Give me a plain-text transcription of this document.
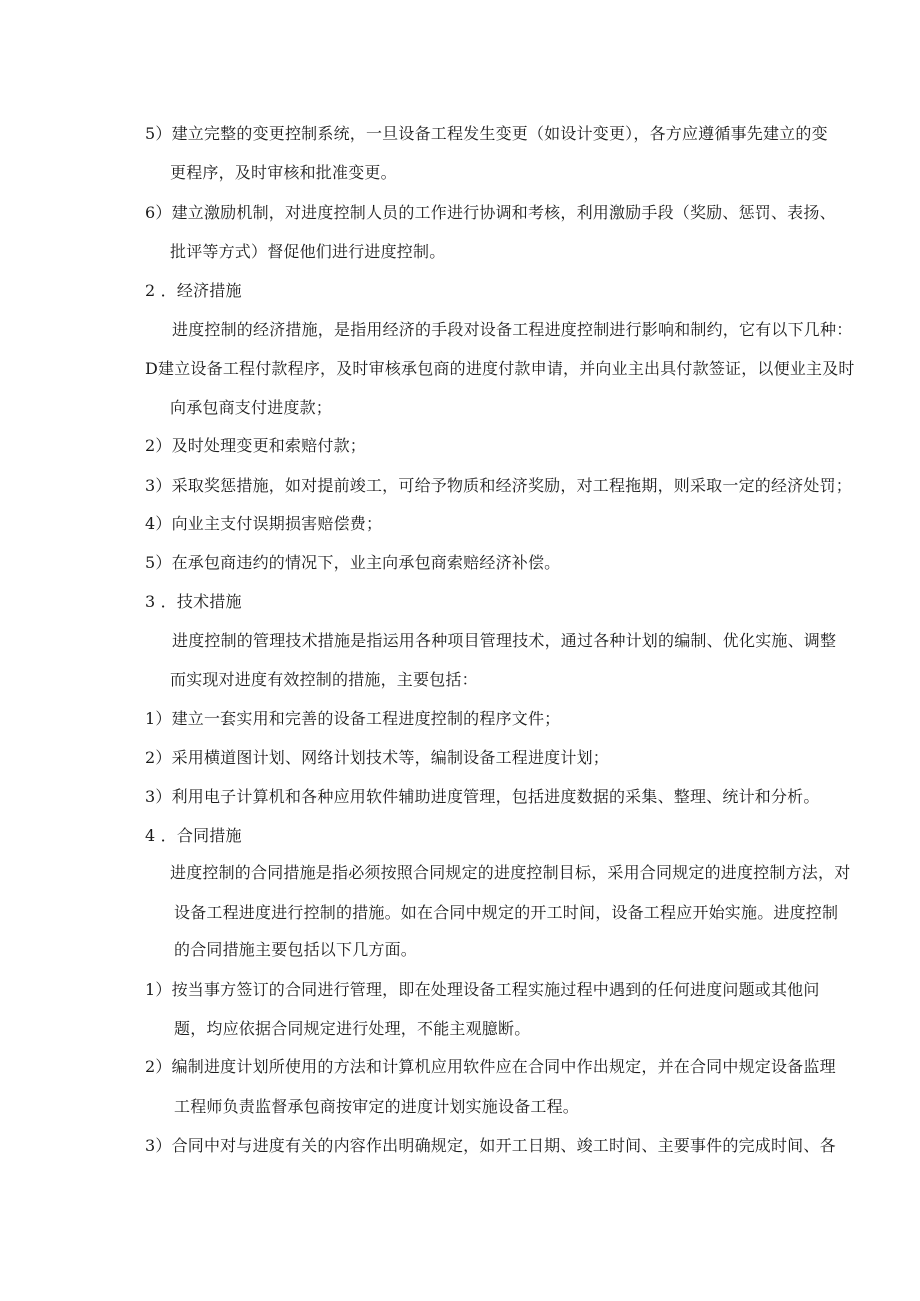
5）建立完整的变更控制系统，一旦设备工程发生变更（如设计变更），各方应遵循事先建立的变
更程序，及时审核和批准变更。
6）建立激励机制，对进度控制人员的工作进行协调和考核，利用激励手段（奖励、惩罚、表扬、
批评等方式）督促他们进行进度控制。
2 ．经济措施
进度控制的经济措施，是指用经济的手段对设备工程进度控制进行影响和制约，它有以下几种：
D建立设备工程付款程序，及时审核承包商的进度付款申请，并向业主出具付款签证，以便业主及时
向承包商支付进度款；
2）及时处理变更和索赔付款；
3）采取奖惩措施，如对提前竣工，可给予物质和经济奖励，对工程拖期，则采取一定的经济处罚；
4）向业主支付误期损害赔偿费；
5）在承包商违约的情况下，业主向承包商索赔经济补偿。
3 ．技术措施
进度控制的管理技术措施是指运用各种项目管理技术，通过各种计划的编制、优化实施、调整
而实现对进度有效控制的措施，主要包括：
1）建立一套实用和完善的设备工程进度控制的程序文件；
2）采用横道图计划、网络计划技术等，编制设备工程进度计划；
3）利用电子计算机和各种应用软件辅助进度管理，包括进度数据的采集、整理、统计和分析。
4 ．合同措施
进度控制的合同措施是指必须按照合同规定的进度控制目标，采用合同规定的进度控制方法，对
设备工程进度进行控制的措施。如在合同中规定的开工时间，设备工程应开始实施。进度控制
的合同措施主要包括以下几方面。
1）按当事方签订的合同进行管理，即在处理设备工程实施过程中遇到的任何进度问题或其他问
题，均应依据合同规定进行处理，不能主观臆断。
2）编制进度计划所使用的方法和计算机应用软件应在合同中作出规定，并在合同中规定设备监理
工程师负责监督承包商按审定的进度计划实施设备工程。
3）合同中对与进度有关的内容作出明确规定，如开工日期、竣工时间、主要事件的完成时间、各
